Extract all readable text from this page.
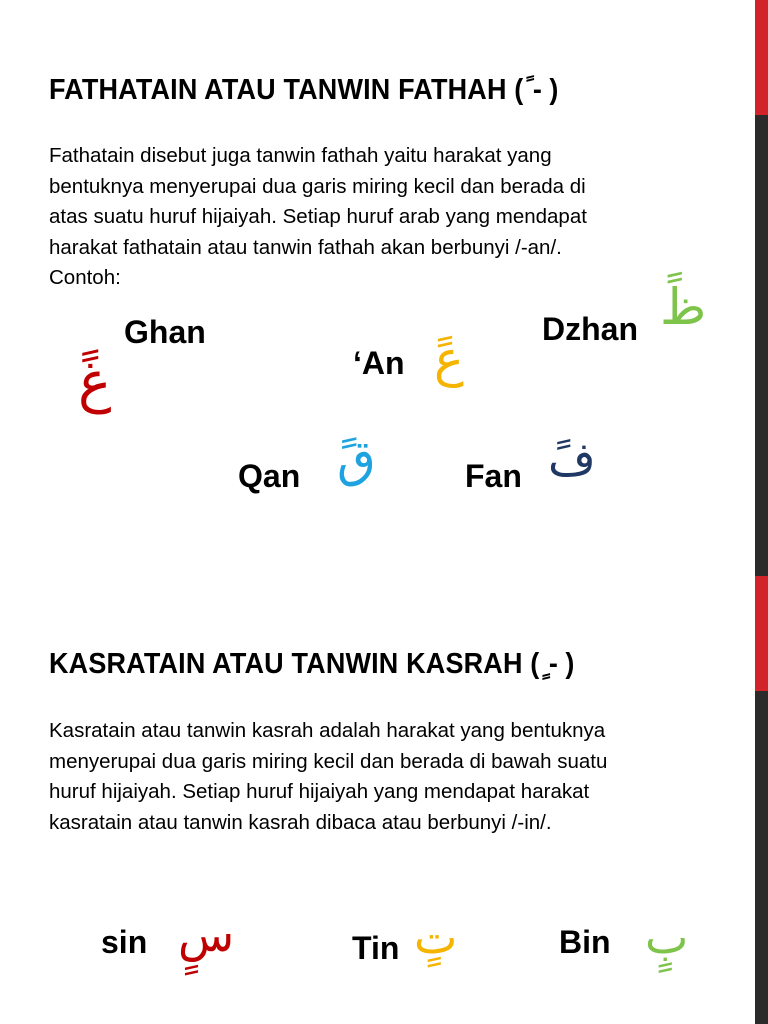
FATHATAIN ATAU TANWIN FATHAH ( ً- )
Fathatain disebut juga tanwin fathah yaitu harakat yang
bentuknya menyerupai dua garis miring kecil dan berada di
atas suatu huruf hijaiyah. Setiap huruf arab yang mendapat
harakat fathatain atau tanwin fathah akan berbunyi /-an/.
Contoh:
Ghan
غً	‘An عً
Dzhan ظً
Qan قً	Fan فً
KASRATAIN ATAU TANWIN KASRAH ( ٍ- )
Kasratain atau tanwin kasrah adalah harakat yang bentuknya
menyerupai dua garis miring kecil dan berada di bawah suatu
huruf hijaiyah. Setiap huruf hijaiyah yang mendapat harakat
kasratain atau tanwin kasrah dibaca atau berbunyi /-in/.
sin سٍ	Tin تٍ	Bin بٍ
